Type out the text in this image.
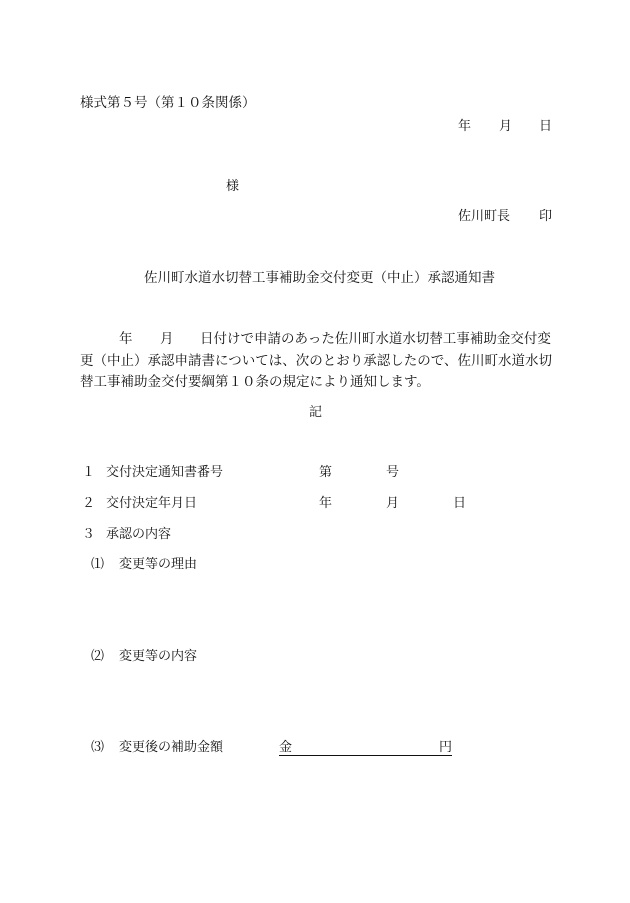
様式第５号（第１０条関係）
年 月 日
様
佐川町長 印
佐川町水道水切替工事補助金交付変更（中止）承認通知書
年 月 日付けで申請のあった佐川町水道水切替工事補助金交付変
更（中止）承認申請書については、次のとおり承認したので、佐川町水道水切
替工事補助金交付要綱第１０条の規定により通知します。
記
１ 交付決定通知書番号	第	号
２ 交付決定年月日	年	月	日
３ 承認の内容
⑴ 変更等の理由
⑵ 変更等の内容
⑶ 変更後の補助金額	金	円
